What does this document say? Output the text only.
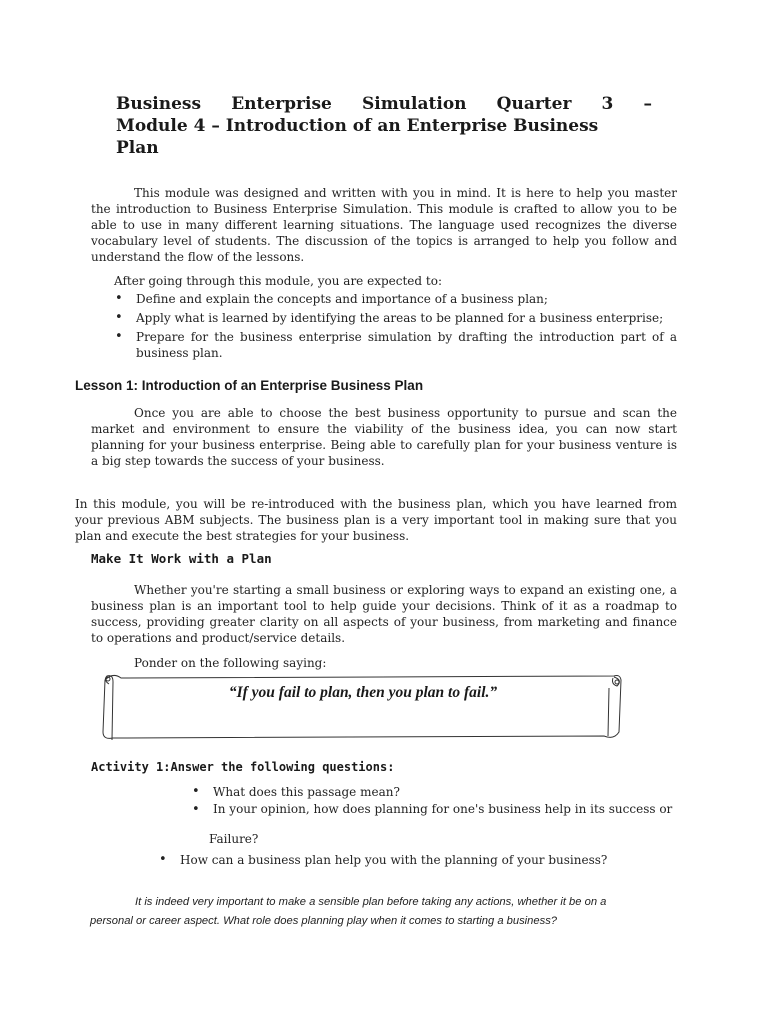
Business Enterprise Simulation Quarter 3 –
Module 4 – Introduction of an Enterprise Business
Plan

This module was designed and written with you in mind. It is here to help you master the introduction to Business Enterprise Simulation. This module is crafted to allow you to be able to use in many different learning situations. The language used recognizes the diverse vocabulary level of students. The discussion of the topics is arranged to help you follow and understand the flow of the lessons.

After going through this module, you are expected to:

• Define and explain the concepts and importance of a business plan;
• Apply what is learned by identifying the areas to be planned for a business enterprise;
• Prepare for the business enterprise simulation by drafting the introduction part of a business plan.
Lesson 1: Introduction of an Enterprise Business Plan

Once you are able to choose the best business opportunity to pursue and scan the market and environment to ensure the viability of the business idea, you can now start planning for your business enterprise. Being able to carefully plan for your business venture is a big step towards the success of your business.

In this module, you will be re-introduced with the business plan, which you have learned from your previous ABM subjects. The business plan is a very important tool in making sure that you plan and execute the best strategies for your business.

Make It Work with a Plan

Whether you're starting a small business or exploring ways to expand an existing one, a business plan is an important tool to help guide your decisions. Think of it as a roadmap to success, providing greater clarity on all aspects of your business, from marketing and finance to operations and product/service details.

Ponder on the following saying:

“If you fail to plan, then you plan to fail.”

Activity 1:Answer the following questions:
• What does this passage mean?
• In your opinion, how does planning for one's business help in its success or

Failure?

• How can a business plan help you with the planning of your business?
It is indeed very important to make a sensible plan before taking any actions, whether it be on a
personal or career aspect. What role does planning play when it comes to starting a business?
